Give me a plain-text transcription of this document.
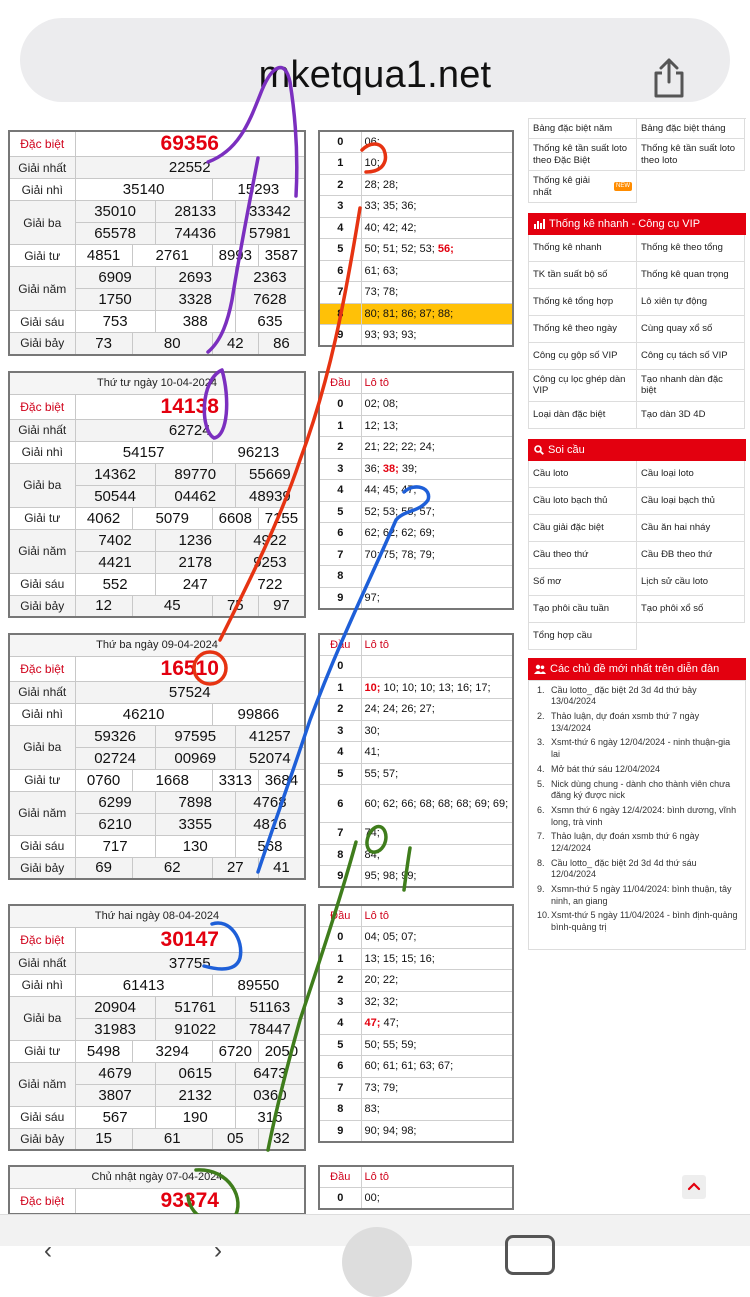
mketqua1.net
Đặc biệt	69356					
Giải nhất	22552					
Giải nhì	35140			15293		
Giải ba	35010		28133		33342	
	65578		74436		57981	
Giải tư	4851	2761		8993		3587
Giải năm	6909		2693		2363	
	1750		3328		7628	
Giải sáu	753		388		635	
Giải bảy	73	80		42		86
Thứ tư ngày 10-04-2024						
Đặc biệt	14138					
Giải nhất	62724					
Giải nhì	54157			96213		
Giải ba	14362		89770		55669	
	50544		04462		48939	
Giải tư	4062	5079		6608		7155
Giải năm	7402		1236		4922	
	4421		2178		9253	
Giải sáu	552		247		722	
Giải bảy	12	45		75		97
Thứ ba ngày 09-04-2024						
Đặc biệt	16510					
Giải nhất	57524					
Giải nhì	46210			99866		
Giải ba	59326		97595		41257	
	02724		00969		52074	
Giải tư	0760	1668		3313		3684
Giải năm	6299		7898		4768	
	6210		3355		4816	
Giải sáu	717		130		568	
Giải bảy	69	62		27		41
Thứ hai ngày 08-04-2024						
Đặc biệt	30147					
Giải nhất	37755					
Giải nhì	61413			89550		
Giải ba	20904		51761		51163	
	31983		91022		78447	
Giải tư	5498	3294		6720		2050
Giải năm	4679		0615		6473	
	3807		2132		0360	
Giải sáu	567		190		316	
Giải bảy	15	61		05		32
Chủ nhật ngày 07-04-2024
Đặc biệt	93374
0	06;
1	10;
2	28; 28;
3	33; 35; 36;
4	40; 42; 42;
5	50; 51; 52; 53; 56;
6	61; 63;
7	73; 78;
8	80; 81; 86; 87; 88;
9	93; 93; 93;
Đầu	Lô tô
0	02; 08;
1	12; 13;
2	21; 22; 22; 24;
3	36; 38; 39;
4	44; 45; 47;
5	52; 53; 55; 57;
6	62; 62; 62; 69;
7	70; 75; 78; 79;
8	
9	97;
Đầu	Lô tô
0	
1	10; 10; 10; 10; 13; 16; 17;
2	24; 24; 26; 27;
3	30;
4	41;
5	55; 57;
6	60; 62; 66; 68; 68; 68; 69; 69;
7	74;
8	84;
9	95; 98; 99;
Đầu	Lô tô
0	04; 05; 07;
1	13; 15; 15; 16;
2	20; 22;
3	32; 32;
4	47; 47;
5	50; 55; 59;
6	60; 61; 61; 63; 67;
7	73; 79;
8	83;
9	90; 94; 98;
Đầu	Lô tô
0	00;
Bảng đặc biệt năm	Bảng đặc biệt tháng
Thống kê tần suất loto theo Đặc Biệt
Thống kê tần suất loto theo loto
Thống kê giải nhất
NEW
Thống kê nhanh - Công cụ VIP
Thống kê nhanh	Thống kê theo tổng
TK tần suất bộ số	Thống kê quan trọng
Thống kê tổng hợp	Lô xiên tự động
Thống kê theo ngày	Cùng quay xổ số
Công cụ gộp số VIP	Công cụ tách số VIP
Công cụ lọc ghép dàn VIP
Tạo nhanh dàn đặc biệt
Loại dàn đặc biệt	Tạo dàn 3D 4D
Soi cầu
Cầu loto	Cầu loại loto
Cầu loto bạch thủ	Cầu loại bạch thủ
Cầu giải đặc biệt	Cầu ăn hai nháy
Cầu theo thứ	Cầu ĐB theo thứ
Số mơ	Lịch sử cầu loto
Tạo phôi cầu tuần	Tạo phôi xổ số
Tổng hợp cầu
Các chủ đề mới nhất trên diễn đàn
1. Cầu lotto_ đặc biệt 2d 3d 4d thứ bảy 13/04/2024
2. Thảo luận, dự đoán xsmb thứ 7 ngày 13/4/2024
3. Xsmt-thứ 6 ngày 12/04/2024 - ninh thuận-gia lai
4. Mở bát thứ sáu 12/04/2024
5. Nick dùng chung - dành cho thành viên chưa đăng ký được nick
6. Xsmn thứ 6 ngày 12/4/2024: bình dương, vĩnh long, trà vinh
7. Thảo luận, dự đoán xsmb thứ 6 ngày 12/4/2024
8. Cầu lotto_ đặc biệt 2d 3d 4d thứ sáu 12/04/2024
9. Xsmn-thứ 5 ngày 11/04/2024: bình thuận, tây ninh, an giang
10. Xsmt-thứ 5 ngày 11/04/2024 - bình định-quảng bình-quảng trị
‹	›
